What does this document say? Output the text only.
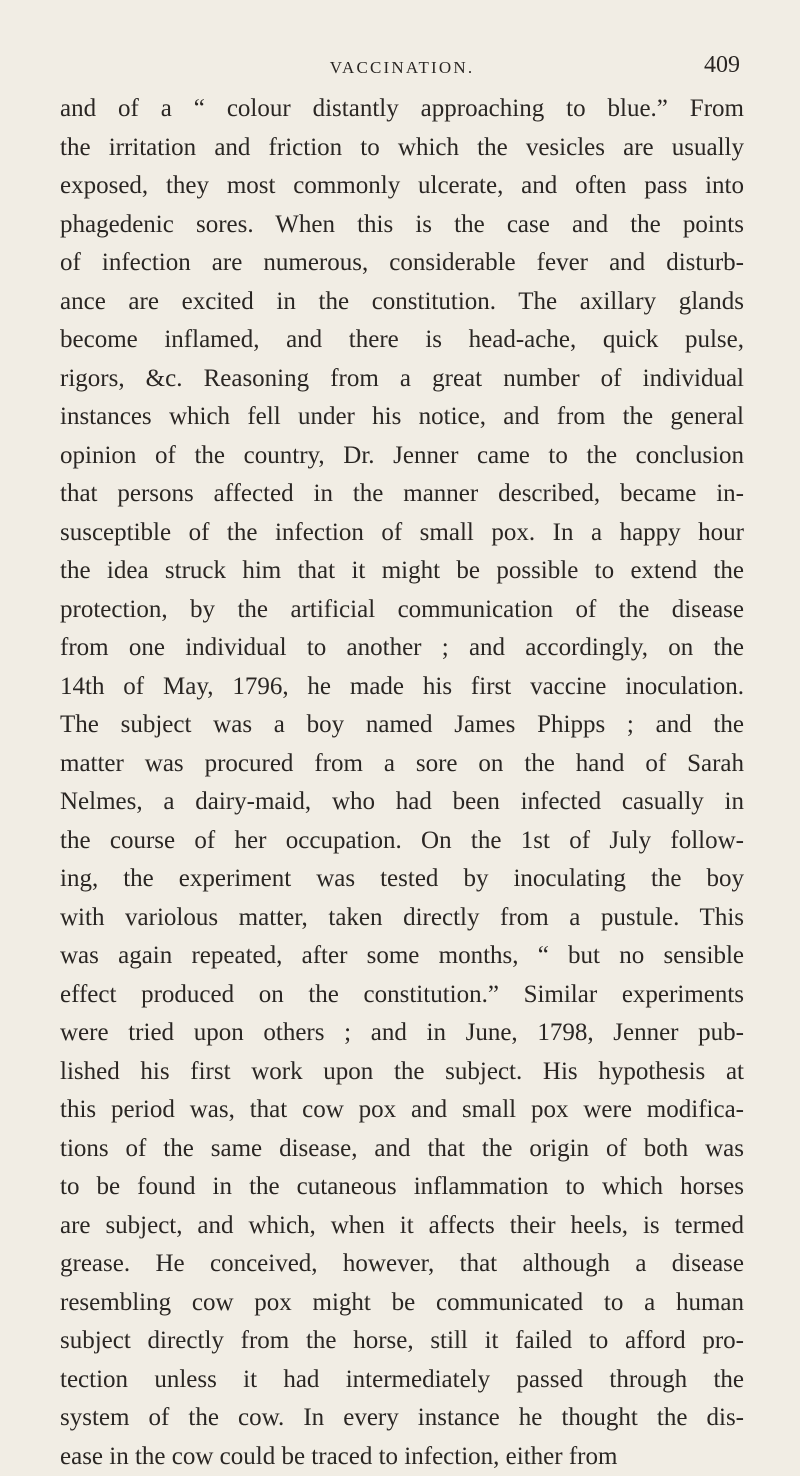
VACCINATION.	409
and of a “ colour distantly approaching to blue.” From
the irritation and friction to which the vesicles are usually
exposed, they most commonly ulcerate, and often pass into
phagedenic sores. When this is the case and the points
of infection are numerous, considerable fever and disturb-
ance are excited in the constitution. The axillary glands
become inflamed, and there is head-ache, quick pulse,
rigors, &c. Reasoning from a great number of individual
instances which fell under his notice, and from the general
opinion of the country, Dr. Jenner came to the conclusion
that persons affected in the manner described, became in-
susceptible of the infection of small pox. In a happy hour
the idea struck him that it might be possible to extend the
protection, by the artificial communication of the disease
from one individual to another ; and accordingly, on the
14th of May, 1796, he made his first vaccine inoculation.
The subject was a boy named James Phipps ; and the
matter was procured from a sore on the hand of Sarah
Nelmes, a dairy-maid, who had been infected casually in
the course of her occupation. On the 1st of July follow-
ing, the experiment was tested by inoculating the boy
with variolous matter, taken directly from a pustule. This
was again repeated, after some months, “ but no sensible
effect produced on the constitution.” Similar experiments
were tried upon others ; and in June, 1798, Jenner pub-
lished his first work upon the subject. His hypothesis at
this period was, that cow pox and small pox were modifica-
tions of the same disease, and that the origin of both was
to be found in the cutaneous inflammation to which horses
are subject, and which, when it affects their heels, is termed
grease. He conceived, however, that although a disease
resembling cow pox might be communicated to a human
subject directly from the horse, still it failed to afford pro-
tection unless it had intermediately passed through the
system of the cow. In every instance he thought the dis-
ease in the cow could be traced to infection, either from
